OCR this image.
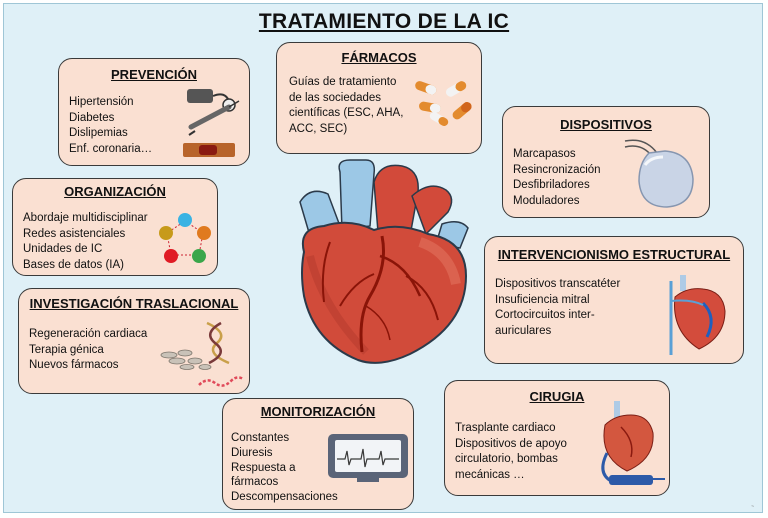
TRATAMIENTO DE LA IC
PREVENCIÓN
Hipertensión
Diabetes
Dislipemias
Enf. coronaria…
FÁRMACOS
Guías de tratamiento
de las sociedades
científicas (ESC, AHA,
ACC, SEC)	DISPOSITIVOS
Marcapasos
Resincronización
Desfibriladores
Moduladores
ORGANIZACIÓN
Abordaje multidisciplinar
Redes asistenciales
Unidades de IC
Bases de datos (IA)
INTERVENCIONISMO ESTRUCTURAL
Dispositivos transcatéter
Insuficiencia mitral
Cortocircuitos inter-
auriculares
INVESTIGACIÓN TRASLACIONAL
Regeneración cardiaca
Terapia génica
Nuevos fármacos
MONITORIZACIÓN
Constantes
Diuresis
Respuesta a
fármacos
Descompensaciones
CIRUGIA
Trasplante cardiaco
Dispositivos de apoyo
circulatorio, bombas
mecánicas …
~
